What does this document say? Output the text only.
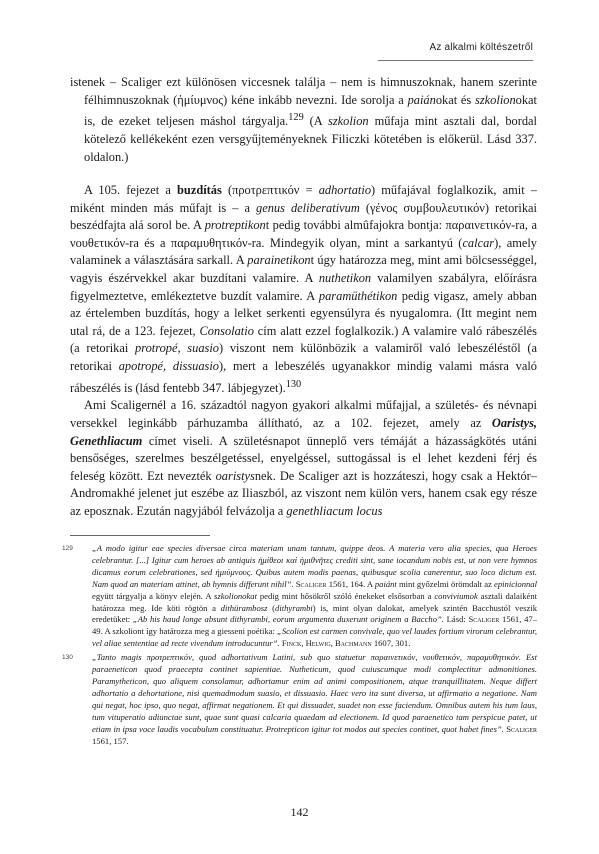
Az alkalmi költészetről

istenek – Scaliger ezt különösen viccesnek találja – nem is himnuszoknak, hanem szerinte félhimnuszoknak (ἡμίυμνος) kéne inkább nevezni. Ide sorolja a paiánokat és szkolionokat is, de ezeket teljesen máshol tárgyalja.$^{129}$ (A szkolion műfaja mint asztali dal, bordal kötelező kellékeként ezen versgyűjteményeknek Filiczki kötetében is előkerül. Lásd 337. oldalon.)

A 105. fejezet a buzdítás (προτρεπτικόν = adhortatio) műfajával foglalkozik, amit – miként minden más műfajt is – a genus deliberativum (γένος συμβουλευτικόν) retorikai beszédfajta alá sorol be. A protreptikont pedig további almûfajokra bontja: παραινετικόν-ra, a νουθετικόν-ra és a παραμυθητικόν-ra. Mindegyik olyan, mint a sarkantyú (calcar), amely valaminek a választására sarkall. A parainetikont úgy határozza meg, mint ami bölcsességgel, vagyis észérvekkel akar buzdítani valamire. A nuthetikon valamilyen szabályra, előírásra figyelmeztetve, emlékeztetve buzdít valamire. A paramüthétikon pedig vigasz, amely abban az értelemben buzdítás, hogy a lelket serkenti egyensúlyra és nyugalomra. (Itt megint nem utal rá, de a 123. fejezet, Consolatio cím alatt ezzel foglalkozik.) A valamire való rábeszélés (a retorikai protropé, suasio) viszont nem különbözik a valamiről való lebeszéléstől (a retorikai apotropé, dissuasio), mert a lebeszélés ugyanakkor mindig valami másra való rábeszélés is (lásd fentebb 347. lábjegyzet).$^{130}$

Ami Scaligernél a 16. századtól nagyon gyakori alkalmi műfajjal, a születés- és névnapi versekkel leginkább párhuzamba állítható, az a 102. fejezet, amely az Oaristys, Genethliacum címet viseli. A születésnapot ünneplő vers témáját a házasságkötés utáni bensőséges, szerelmes beszélgetéssel, enyelgéssel, suttogással is el lehet kezdeni férj és feleség között. Ezt nevezték oaristysnek. De Scaliger azt is hozzáteszi, hogy csak a Hektór–Andromakhé jelenet jut eszébe az Iliaszból, az viszont nem külön vers, hanem csak egy része az eposznak. Ezután nagyjából felvázolja a genethliacum locus

129 „A modo igitur eae species diversae circa materiam unam tantum, quippe deos. A materia vero alia species, qua Heroes celebrantur. [...] Igitur cum heroes ab antiquis ἡμίθεοι καὶ ἡμιθνῆτες crediti sint, sane iocandum nobis est, ut non vere hymnos dicamus eorum celebrationes, sed ἡμιύμνους. Quibus autem modis paenas, quibusque scolia canerentur, suo loco dictum est. Nam quod an materiam attinet, ab hymnis differunt nihil”. Scaliger 1561, 164. A paiánt mint győzelmi örömdalt az epinicionnal együtt tárgyalja a könyv elején. A szkolionokat pedig mint hősökről szóló énekeket elsősorban a conviviumok asztali dalaiként határozza meg. Ide köti rögtön a dithürambosz (dithyrambi) is, mint olyan dalokat, amelyek szintén Bacchustól veszik eredetüket: „Ab his haud longe absunt dithyrambi, eorum argumenta duxerunt originem a Baccho”. Lásd: Scaliger 1561, 47–49. A szkoliont így határozza meg a giesseni poétika: „Scolion est carmen convivale, quo vel laudes fortium virorum celebrantur, vel aliae sententiae ad recte vivendum introducuntur”. Finck, Helwig, Bachmann 1607, 301.
130 „Tanto magis προτρεπτικόν, quod adhortativum Latini, sub quo statuetur παραινετικόν, νουθετικόν, παραμυθητικόν. Est paraeneticon quod praecepta continet sapientiae. Nutheticum, quod cuiuscumque modi complectitur admonitiones. Paramytheticon, quo aliquem consolamur, adhortamur enim ad animi compositionem, atque tranquillitatem. Neque differt adhortatio a dehortatione, nisi quemadmodum suasio, et dissuasio. Haec vero ita sunt diversa, ut affirmatio a negatione. Nam qui negat, hoc ipso, quo negat, affirmat negationem. Et qui dissuadet, suadet non esse faciendum. Omnibus autem his tum laus, tum vituperatio adiunctae sunt, quae sunt quasi calcaria quaedam ad electionem. Id quod paraenetico tam perspicue patet, ut etiam in ipsa voce laudis vocabulum constituatur. Protrepticon igitur tot modos aut species continet, quot habet fines”. Scaliger 1561, 157.
142
